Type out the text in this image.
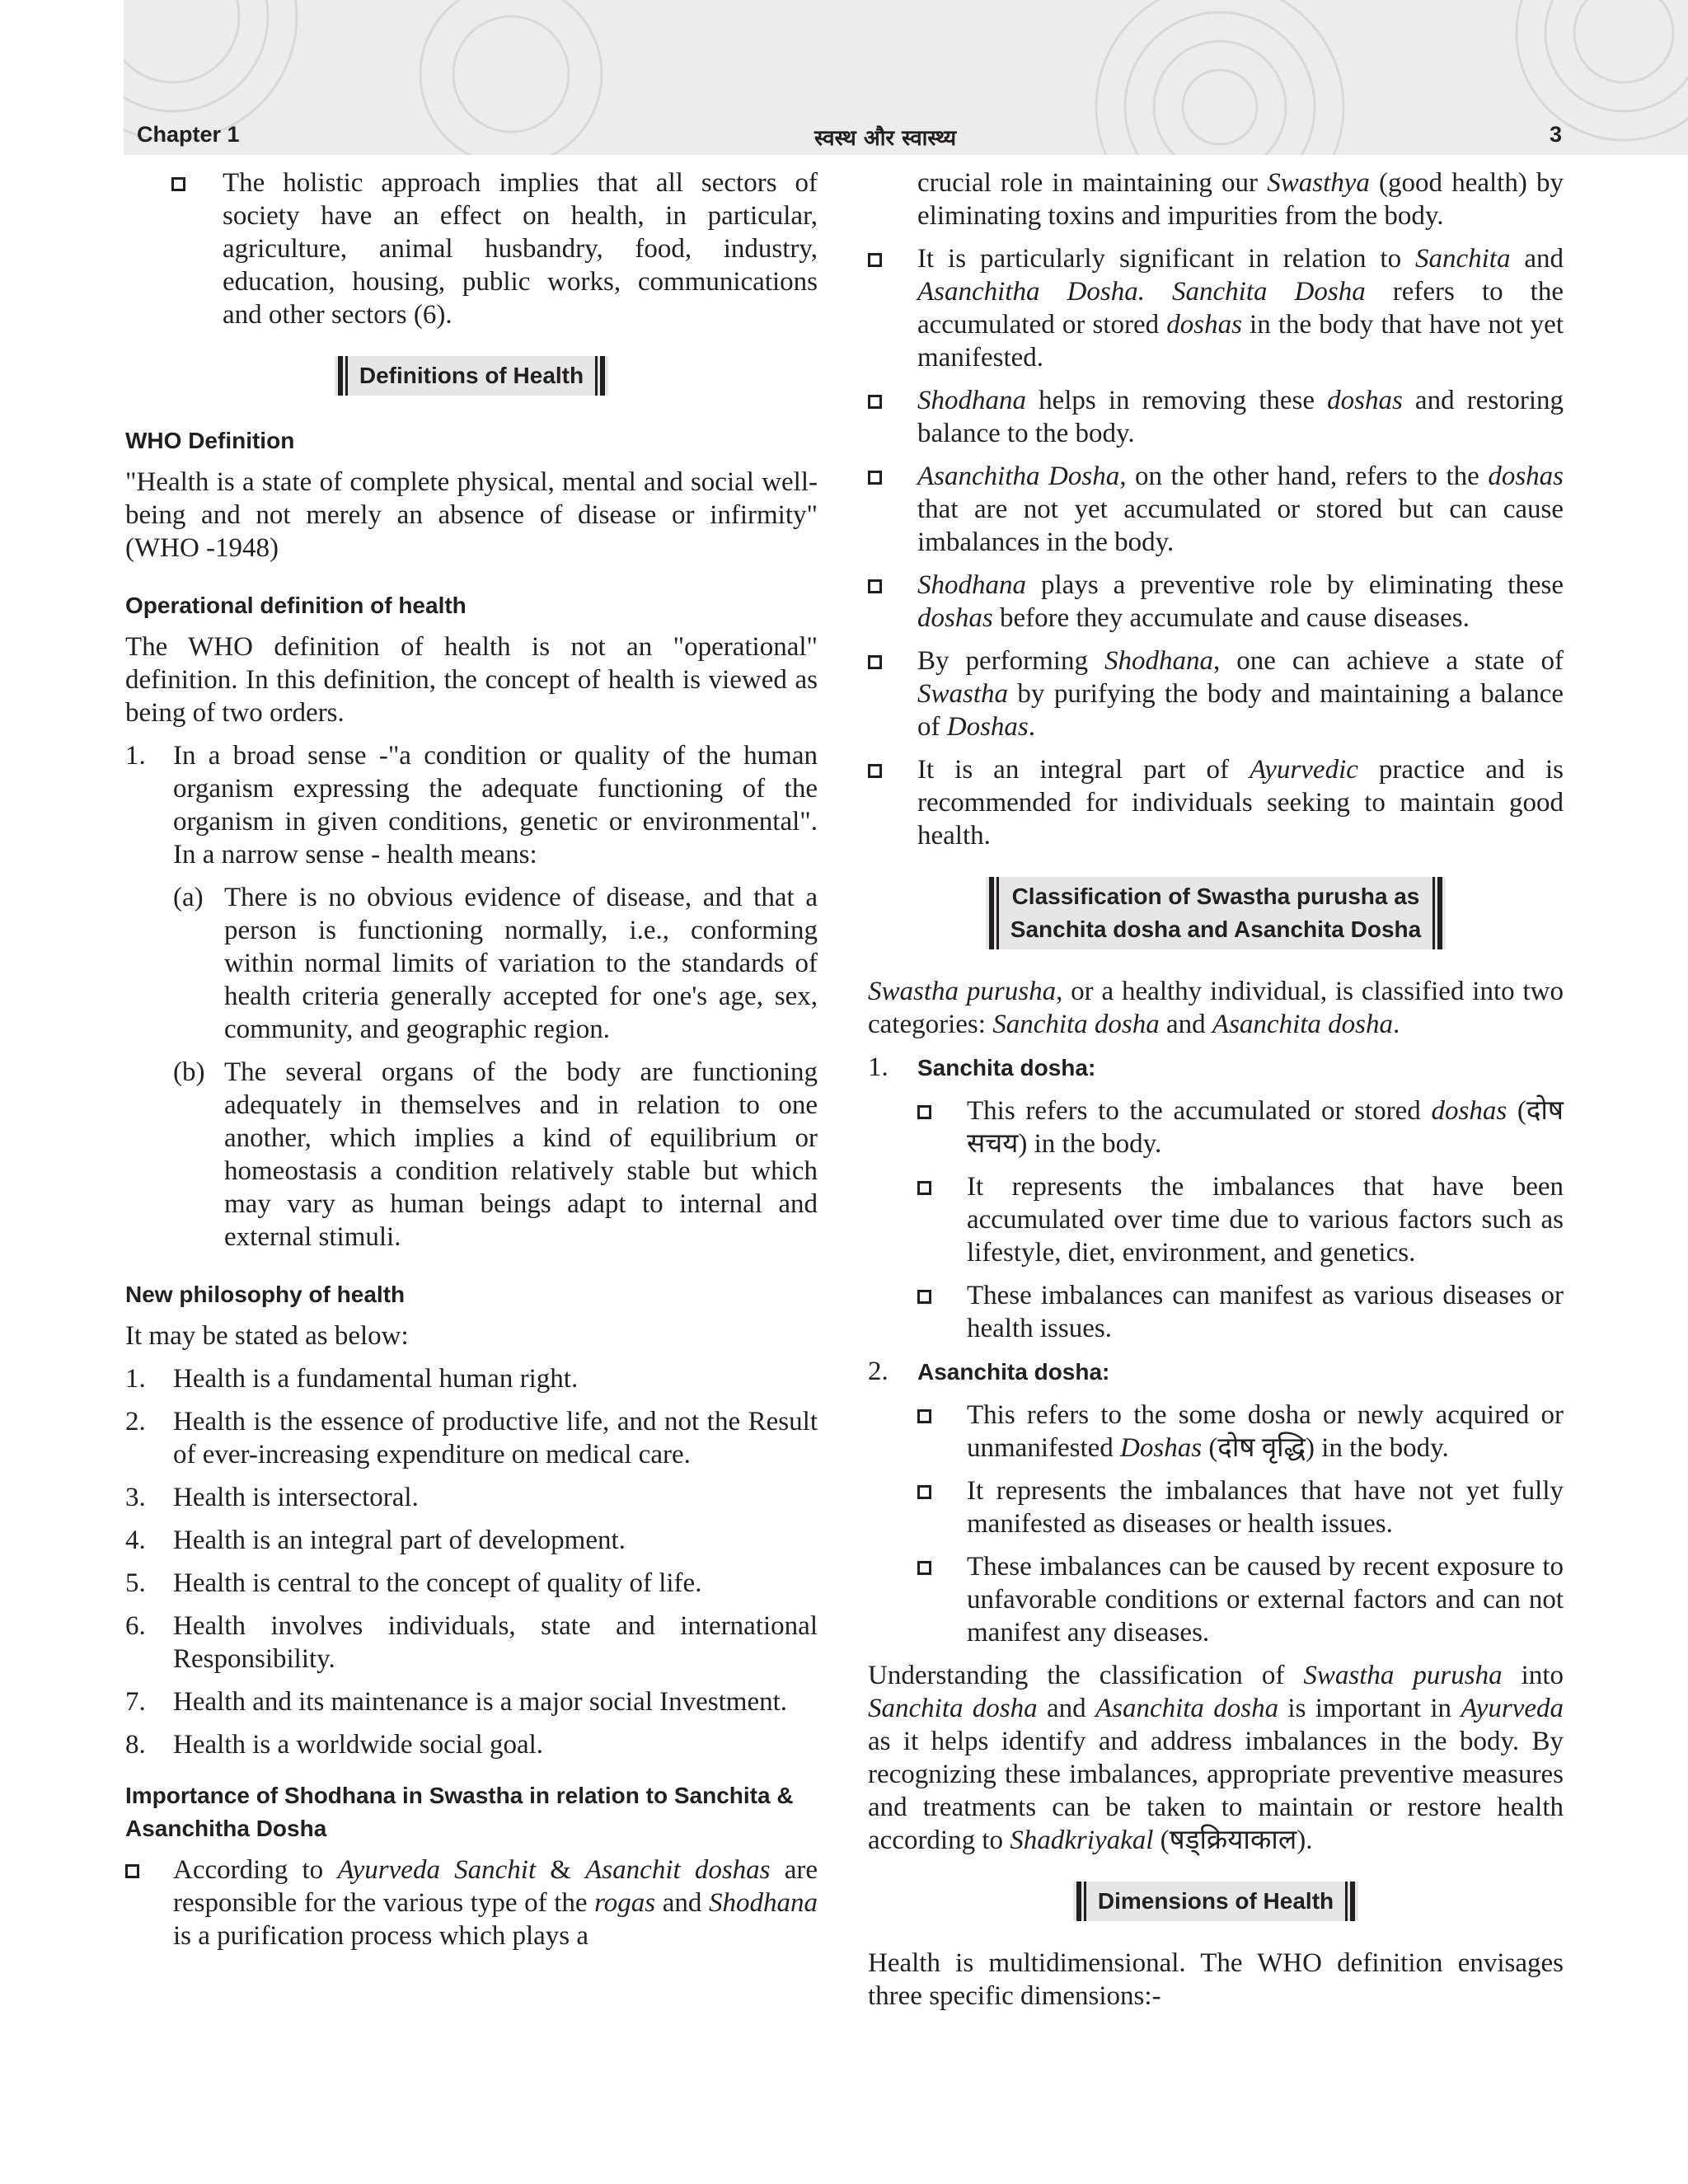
Chapter 1	स्वस्थ और स्वास्थ्य	3
The holistic approach implies that all sectors of society have an effect on health, in particular, agriculture, animal husbandry, food, industry, education, housing, public works, communications and other sectors (6).
Definitions of Health
WHO Definition

"Health is a state of complete physical, mental and social well-being and not merely an absence of disease or infirmity" (WHO -1948)

Operational definition of health

The WHO definition of health is not an "operational" definition. In this definition, the concept of health is viewed as being of two orders.

1.	In a broad sense -"a condition or quality of the human organism expressing the adequate functioning of the organism in given conditions, genetic or environmental". In a narrow sense - health means:
(a) There is no obvious evidence of disease, and that a person is functioning normally, i.e., conforming within normal limits of variation to the standards of health criteria generally accepted for one's age, sex, community, and geographic region.
(b) The several organs of the body are functioning adequately in themselves and in relation to one another, which implies a kind of equilibrium or homeostasis a condition relatively stable but which may vary as human beings adapt to internal and external stimuli.
New philosophy of health

It may be stated as below:

1.	Health is a fundamental human right.
2.	Health is the essence of productive life, and not the Result of ever-increasing expenditure on medical care.
3.	Health is intersectoral.
4.	Health is an integral part of development.
5.	Health is central to the concept of quality of life.
6.	Health involves individuals, state and international Responsibility.
7.	Health and its maintenance is a major social Investment.
8.	Health is a worldwide social goal.
Importance of Shodhana in Swastha in relation to Sanchita & Asanchitha Dosha
According to Ayurveda Sanchit & Asanchit doshas are responsible for the various type of the rogas and Shodhana is a purification process which plays a
crucial role in maintaining our Swasthya (good health) by eliminating toxins and impurities from the body.
It is particularly significant in relation to Sanchita and Asanchitha Dosha. Sanchita Dosha refers to the accumulated or stored doshas in the body that have not yet manifested.
Shodhana helps in removing these doshas and restoring balance to the body.
Asanchitha Dosha, on the other hand, refers to the doshas that are not yet accumulated or stored but can cause imbalances in the body.
Shodhana plays a preventive role by eliminating these doshas before they accumulate and cause diseases.
By performing Shodhana, one can achieve a state of Swastha by purifying the body and maintaining a balance of Doshas.
It is an integral part of Ayurvedic practice and is recommended for individuals seeking to maintain good health.
Classification of Swastha purusha as
Sanchita dosha and Asanchita Dosha

Swastha purusha, or a healthy individual, is classified into two categories: Sanchita dosha and Asanchita dosha.

1.	Sanchita dosha:
This refers to the accumulated or stored doshas (दोष सचय) in the body.
It represents the imbalances that have been accumulated over time due to various factors such as lifestyle, diet, environment, and genetics.
These imbalances can manifest as various diseases or health issues.
2.	Asanchita dosha:
This refers to the some dosha or newly acquired or unmanifested Doshas (दोष वृद्धि) in the body.
It represents the imbalances that have not yet fully manifested as diseases or health issues.
These imbalances can be caused by recent exposure to unfavorable conditions or external factors and can not manifest any diseases.

Understanding the classification of Swastha purusha into Sanchita dosha and Asanchita dosha is important in Ayurveda as it helps identify and address imbalances in the body. By recognizing these imbalances, appropriate preventive measures and treatments can be taken to maintain or restore health according to Shadkriyakal (षड्क्रियाकाल).

Dimensions of Health

Health is multidimensional. The WHO definition envisages three specific dimensions:-
